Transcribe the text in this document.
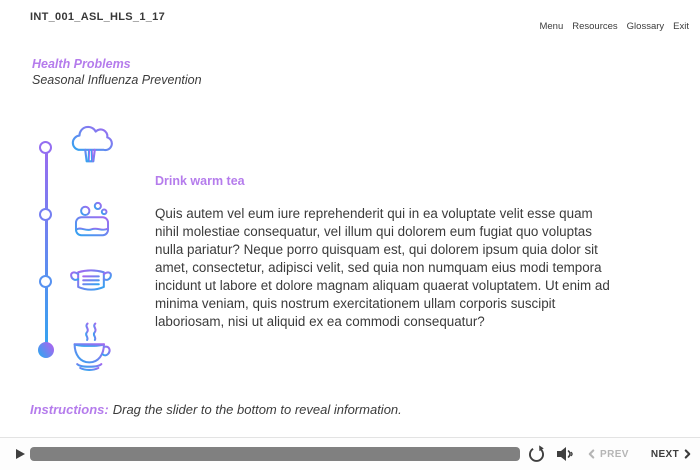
INT_001_ASL_HLS_1_17
Menu Resources Glossary Exit
Health Problems
Seasonal Influenza Prevention
Drink warm tea
Quis autem vel eum iure reprehenderit qui in ea voluptate velit esse quam nihil molestiae consequatur, vel illum qui dolorem eum fugiat quo voluptas nulla pariatur? Neque porro quisquam est, qui dolorem ipsum quia dolor sit amet, consectetur, adipisci velit, sed quia non numquam eius modi tempora incidunt ut labore et dolore magnam aliquam quaerat voluptatem. Ut enim ad minima veniam, quis nostrum exercitationem ullam corporis suscipit laboriosam, nisi ut aliquid ex ea commodi consequatur?
Instructions: Drag the slider to the bottom to reveal information.
PREV NEXT
